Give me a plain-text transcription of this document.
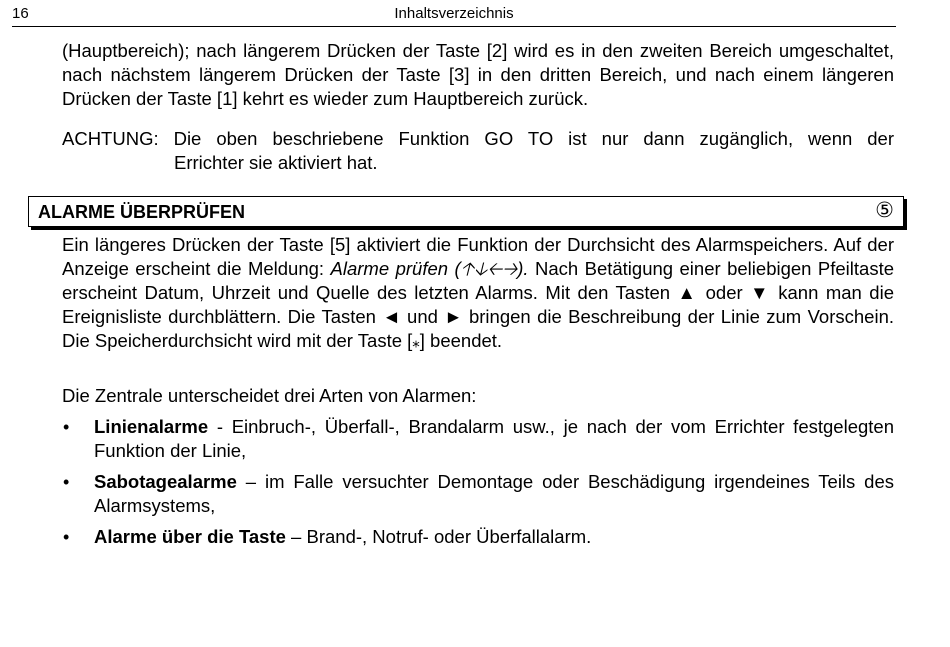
16	Inhaltsverzeichnis

(Hauptbereich); nach längerem Drücken der Taste [2] wird es in den zweiten Bereich umgeschaltet, nach nächstem längerem Drücken der Taste [3] in den dritten Bereich, und nach einem längeren Drücken der Taste [1] kehrt es wieder zum Hauptbereich zurück.

ACHTUNG: Die oben beschriebene Funktion GO TO ist nur dann zugänglich, wenn der
Errichter sie aktiviert hat.
ALARME ÜBERPRÜFEN	⑤

Ein längeres Drücken der Taste [5] aktiviert die Funktion der Durchsicht des Alarmspeichers. Auf der Anzeige erscheint die Meldung: Alarme prüfen (🡡🡣🡠🡢). Nach Betätigung einer beliebigen Pfeiltaste erscheint Datum, Uhrzeit und Quelle des letzten Alarms. Mit den Tasten ▲ oder ▼ kann man die Ereignisliste durchblättern. Die Tasten ◄ und ► bringen die Beschreibung der Linie zum Vorschein. Die Speicherdurchsicht wird mit der Taste [⁎] beendet.

Die Zentrale unterscheidet drei Arten von Alarmen:

• Linienalarme - Einbruch-, Überfall-, Brandalarm usw., je nach der vom Errichter festgelegten Funktion der Linie,
• Sabotagealarme – im Falle versuchter Demontage oder Beschädigung irgendeines Teils des Alarmsystems,
• Alarme über die Taste – Brand-, Notruf- oder Überfallalarm.
